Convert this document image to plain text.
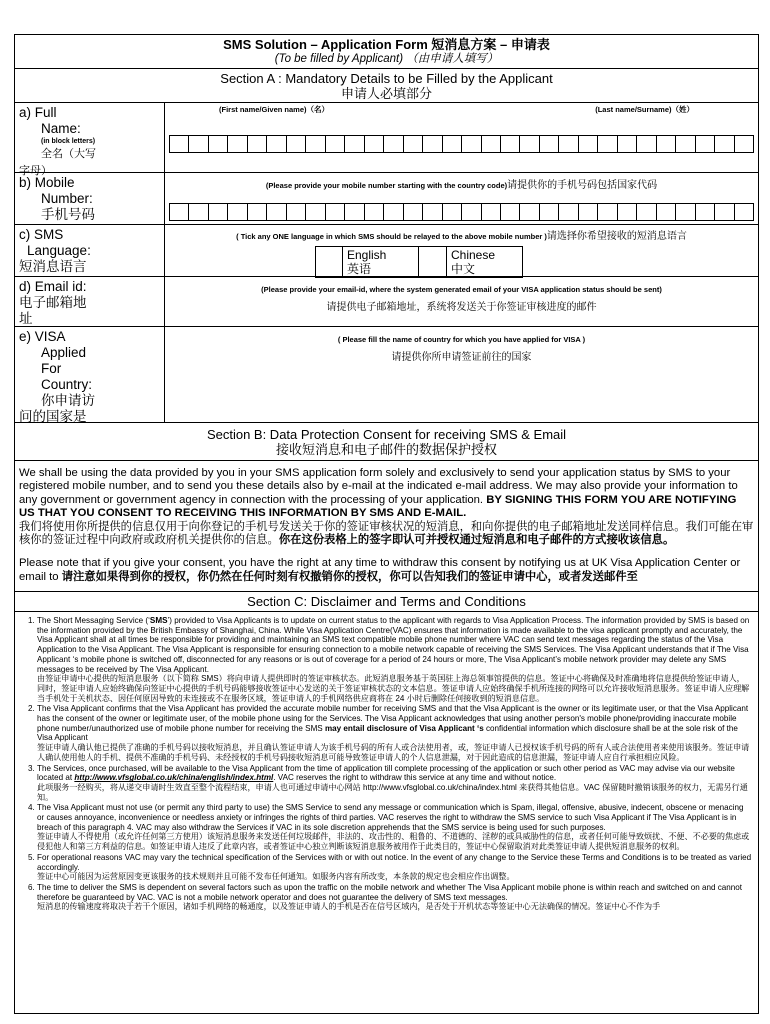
SMS Solution – Application Form 短消息方案 – 申请表
(To be filled by Applicant) （由申请人填写）
Section A : Mandatory Details to be Filled by the Applicant
申请人必填部分
a) Full

Name:
(in block letters)
全名（大写
字母）
(First name/Given name)（名）	(Last name/Surname)（姓）
b) Mobile

Number:
手机号码
(Please provide your mobile number starting with the country code)请提供你的手机号码包括国家代码
c) SMS
Language:
短消息语言
( Tick any ONE language in which SMS should be relayed to the above mobile number )请选择你希望接收的短消息语言
English
英语
Chinese
中文
d) Email id:
电子邮箱地
址
(Please provide your email-id, where the system generated email of your VISA application status should be sent)
请提供电子邮箱地址，系统将发送关于你签证审核进度的邮件
e) VISA
Applied
For
Country:
你申请访
问的国家是
( Please fill the name of country for which you have applied for VISA )
请提供你所申请签证前往的国家
Section B: Data Protection Consent for receiving SMS & Email
接收短消息和电子邮件的数据保护授权

We shall be using the data provided by you in your SMS application form solely and exclusively to send your application status by SMS to your registered mobile number, and to send you these details also by e-mail at the indicated e-mail address. We may also provide your information to any government or government agency in connection with the processing of your application. BY SIGNING THIS FORM YOU ARE NOTIFYING US THAT YOU CONSENT TO RECEIVING THIS INFORMATION BY SMS AND E-MAIL.
我们将使用你所提供的信息仅用于向你登记的手机号发送关于你的签证审核状况的短消息，和向你提供的电子邮箱地址发送同样信息。我们可能在审核你的签证过程中向政府或政府机关提供你的信息。你在这份表格上的签字即认可并授权通过短消息和电子邮件的方式接收该信息。

Please note that if you give your consent, you have the right at any time to withdraw this consent by notifying us at UK Visa Application Center or email to 请注意如果得到你的授权，你仍然在任何时刻有权撤销你的授权，你可以告知我们的签证申请中心，或者发送邮件至

Section C: Disclaimer and Terms and Conditions
1. The Short Messaging Service (‘SMS’) provided to Visa Applicants is to update on current status to the applicant with regards to Visa Application Process. The information provided by SMS is based on the information provided by the British Embassy of Shanghai, China. While Visa Application Centre(VAC) ensures that information is made available to the visa applicant promptly and accurately, the Visa Applicant shall at all times be responsible for providing and maintaining an SMS text compatible mobile phone number where VAC can send text messages regarding the status of the Visa Application to the Visa Applicant. The Visa Applicant is responsible for ensuring connection to a mobile network capable of receiving the SMS Services. The Visa Applicant understands that if The Visa Applicant ‘s mobile phone is switched off, disconnected for any reasons or is out of coverage for a period of 24 hours or more, The Visa Applicant’s mobile network provider may delete any SMS messages to be received by The Visa Applicant.
由签证申请中心提供的短消息服务（以下简称 SMS）将向申请人提供即时的签证审核状态。此短消息服务基于英国驻上海总领事馆提供的信息。签证中心将确保及时准确地将信息提供给签证申请人，同时，签证申请人应始终确保向签证中心提供的手机号码能够接收签证中心发送的关于签证审核状态的文本信息。签证申请人应始终确保手机所连接的网络可以允许接收短消息服务。签证申请人应理解当手机处于关机状态、因任何原因导致的未连接或不在服务区域，签证申请人的手机网络供应商将在 24 小时后删除任何接收到的短消息信息。
2. The Visa Applicant confirms that the Visa Applicant has provided the accurate mobile number for receiving SMS and that the Visa Applicant is the owner or its legitimate user, or that the Visa Applicant has the consent of the owner or legitimate user, of the mobile phone using for the Services. The Visa Applicant acknowledges that using another person's mobile phone/providing inaccurate mobile phone number/unauthorized use of mobile phone number for receiving the SMS may entail disclosure of Visa Applicant ‘s confidential information which disclosure shall be at the sole risk of the Visa Applicant
签证申请人确认他已提供了准确的手机号码以接收短消息，并且确认签证申请人为该手机号码的所有人或合法使用者，或，签证申请人已授权该手机号码的所有人或合法使用者来使用该服务。签证申请人确认使用他人的手机、提供不准确的手机号码、未经授权的手机号码接收短消息可能导致签证申请人的个人信息泄漏，对于因此造成的信息泄漏，签证申请人应自行承担相应风险。
3. The Services, once purchased, will be available to the Visa Applicant from the time of application till complete processing of the application or such other period as VAC may advise via our website located at http://www.vfsglobal.co.uk/china/english/index.html. VAC reserves the right to withdraw this service at any time and without notice.
此项服务一经购买，将从递交申请时生效直至整个流程结束，申请人也可通过申请中心网站 http://www.vfsglobal.co.uk/china/index.html 来获得其他信息。VAC 保留随时撤销该服务的权力，无需另行通知。
4. The Visa Applicant must not use (or permit any third party to use) the SMS Service to send any message or communication which is Spam, illegal, offensive, abusive, indecent, obscene or menacing or causes annoyance, inconvenience or needless anxiety or infringes the rights of third parties. VAC reserves the right to withdraw the SMS service to such Visa Applicant if The Visa Applicant is in breach of this paragraph 4. VAC may also withdraw the Services if VAC in its sole discretion apprehends that the SMS service is being used for such purposes.
签证申请人不得使用（或允许任何第三方使用）该短消息服务来发送任何垃圾邮件，非法的、攻击性的、粗鲁的、不道德的、淫秽的或具威胁性的信息，或者任何可能导致烦扰、不便、不必要的焦虑或侵犯他人和第三方利益的信息。如签证申请人违反了此章内容，或者签证中心独立判断该短消息服务被用作于此类目的，签证中心保留取消对此类签证申请人提供短消息服务的权利。
5. For operational reasons VAC may vary the technical specification of the Services with or with out notice. In the event of any change to the Service these Terms and Conditions is to be treated as varied accordingly.
签证中心可能因为运营原因变更该服务的技术规则并且可能不发布任何通知。如服务内容有所改变，本条款的规定也会相应作出调整。
6. The time to deliver the SMS is dependent on several factors such as upon the traffic on the mobile network and whether The Visa Applicant mobile phone is within reach and switched on and cannot therefore be guaranteed by VAC. VAC is not a mobile network operator and does not guarantee the delivery of SMS text messages.
短消息的传输速度将取决于若干个原因，诸如手机网络的畅通度，以及签证申请人的手机是否在信号区域内，是否处于开机状态等签证中心无法确保的情况。签证中心不作为手
